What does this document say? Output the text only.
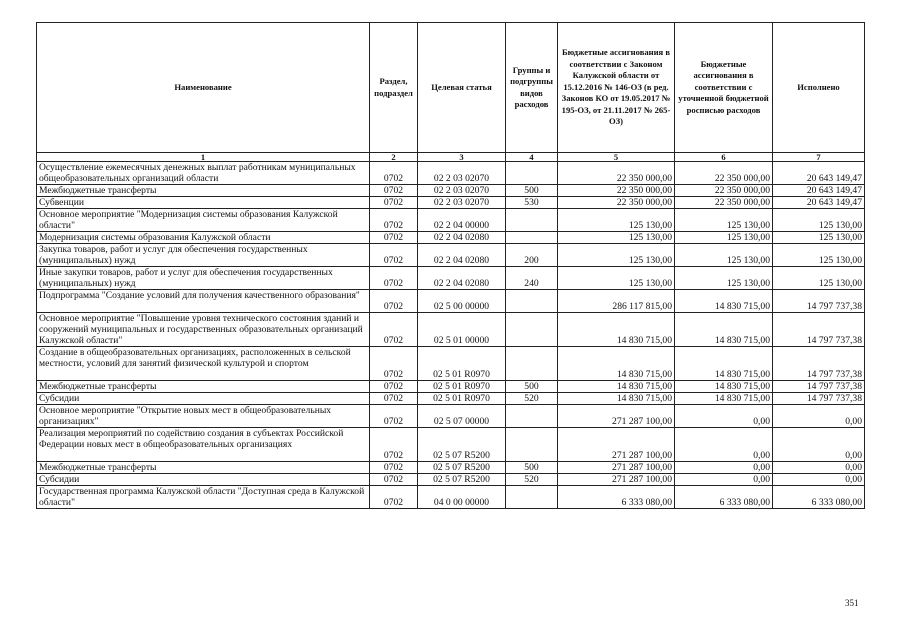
Наименование	Раздел, подраздел	Целевая статья	Группы и подгруппы видов расходов	Бюджетные ассигнования в соответствии с Законом Калужской области от 15.12.2016 № 146-ОЗ (в ред. Законов КО от 19.05.2017 № 195-ОЗ, от 21.11.2017 № 265-ОЗ)	Бюджетные ассигнования в соответствии с уточненной бюджетной росписью расходов	Исполнено
1	2	3	4	5	6	7
Осуществление ежемесячных денежных выплат работникам муниципальных общеобразовательных организаций области	0702	02 2 03 02070		22 350 000,00	22 350 000,00	20 643 149,47
Межбюджетные трансферты	0702	02 2 03 02070	500	22 350 000,00	22 350 000,00	20 643 149,47
Субвенции	0702	02 2 03 02070	530	22 350 000,00	22 350 000,00	20 643 149,47
Основное мероприятие "Модернизация системы образования Калужской области"	0702	02 2 04 00000		125 130,00	125 130,00	125 130,00
Модернизация системы образования Калужской области	0702	02 2 04 02080		125 130,00	125 130,00	125 130,00
Закупка товаров, работ и услуг для обеспечения государственных (муниципальных) нужд	0702	02 2 04 02080	200	125 130,00	125 130,00	125 130,00
Иные закупки товаров, работ и услуг для обеспечения государственных (муниципальных) нужд	0702	02 2 04 02080	240	125 130,00	125 130,00	125 130,00
Подпрограмма "Создание условий для получения качественного образования"	0702	02 5 00 00000		286 117 815,00	14 830 715,00	14 797 737,38
Основное мероприятие "Повышение уровня технического состояния зданий и сооружений муниципальных и государственных образовательных организаций Калужской области"	0702	02 5 01 00000		14 830 715,00	14 830 715,00	14 797 737,38
Создание в общеобразовательных организациях, расположенных в сельской местности, условий для занятий физической культурой и спортом	0702	02 5 01 R0970		14 830 715,00	14 830 715,00	14 797 737,38
Межбюджетные трансферты	0702	02 5 01 R0970	500	14 830 715,00	14 830 715,00	14 797 737,38
Субсидии	0702	02 5 01 R0970	520	14 830 715,00	14 830 715,00	14 797 737,38
Основное мероприятие "Открытие новых мест в общеобразовательных организациях"	0702	02 5 07 00000		271 287 100,00	0,00	0,00
Реализация мероприятий по содействию создания в субъектах Российской Федерации новых мест в общеобразовательных организациях	0702	02 5 07 R5200		271 287 100,00	0,00	0,00
Межбюджетные трансферты	0702	02 5 07 R5200	500	271 287 100,00	0,00	0,00
Субсидии	0702	02 5 07 R5200	520	271 287 100,00	0,00	0,00
Государственная программа Калужской области "Доступная среда в Калужской области"	0702	04 0 00 00000		6 333 080,00	6 333 080,00	6 333 080,00
351
